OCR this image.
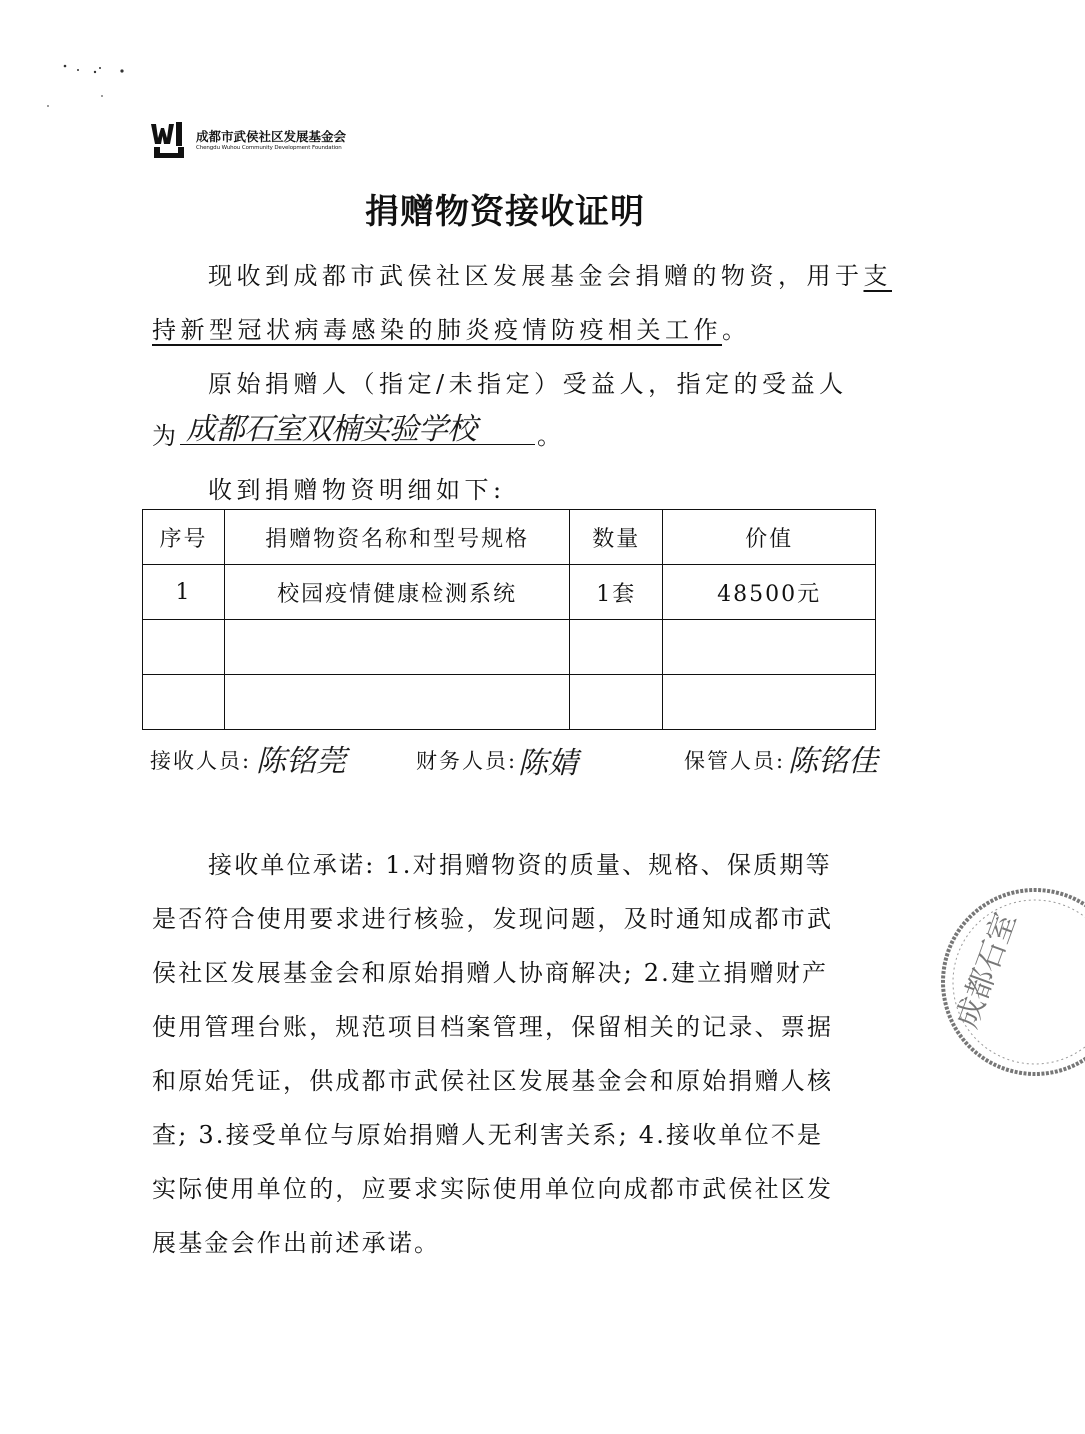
成都市武侯社区发展基金会
Chengdu Wuhou Community Development Foundation
捐赠物资接收证明
现收到成都市武侯社区发展基金会捐赠的物资，用于支
持新型冠状病毒感染的肺炎疫情防疫相关工作。
原始捐赠人（指定/未指定）受益人，指定的受益人
为 成都石室双楠实验学校	。
收到捐赠物资明细如下:
序号	捐赠物资名称和型号规格	数量	价值
1	校园疫情健康检测系统	1套	48500元

接收人员: 陈铭莞	财务人员: 陈婧	保管人员: 陈铭佳
接收单位承诺: 1.对捐赠物资的质量、规格、保质期等
是否符合使用要求进行核验，发现问题，及时通知成都市武
侯社区发展基金会和原始捐赠人协商解决; 2.建立捐赠财产
使用管理台账，规范项目档案管理，保留相关的记录、票据
和原始凭证，供成都市武侯社区发展基金会和原始捐赠人核
查; 3.接受单位与原始捐赠人无利害关系; 4.接收单位不是
实际使用单位的，应要求实际使用单位向成都市武侯社区发
展基金会作出前述承诺。
成都石室
